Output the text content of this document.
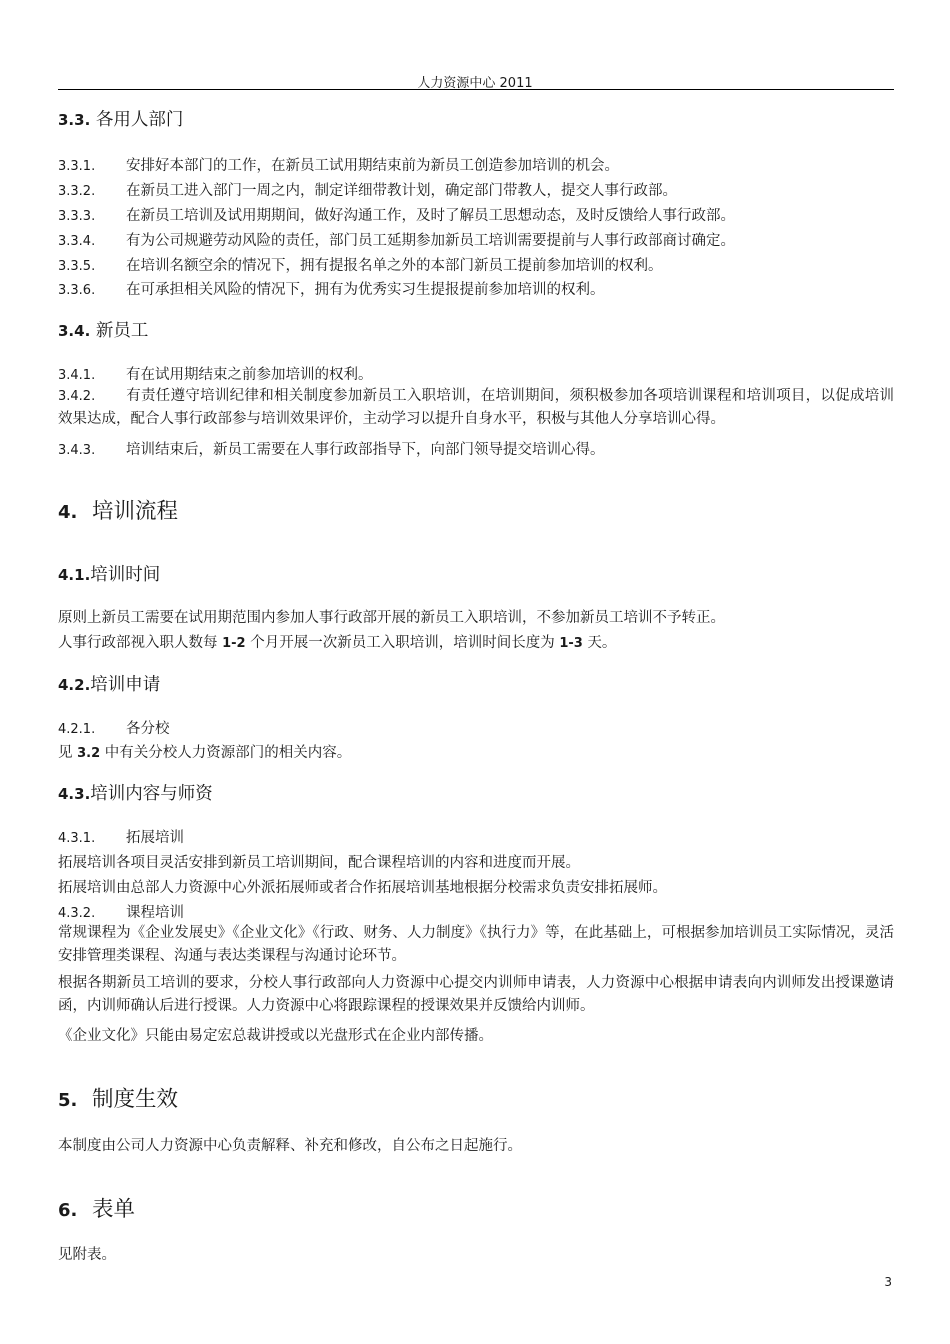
人力资源中心 2011
3.3. 各用人部门
3.3.1. 安排好本部门的工作，在新员工试用期结束前为新员工创造参加培训的机会。
3.3.2. 在新员工进入部门一周之内，制定详细带教计划，确定部门带教人，提交人事行政部。
3.3.3. 在新员工培训及试用期期间，做好沟通工作，及时了解员工思想动态，及时反馈给人事行政部。
3.3.4. 有为公司规避劳动风险的责任，部门员工延期参加新员工培训需要提前与人事行政部商讨确定。
3.3.5. 在培训名额空余的情况下，拥有提报名单之外的本部门新员工提前参加培训的权利。
3.3.6. 在可承担相关风险的情况下，拥有为优秀实习生提报提前参加培训的权利。
3.4. 新员工
3.4.1. 有在试用期结束之前参加培训的权利。
3.4.2. 有责任遵守培训纪律和相关制度参加新员工入职培训，在培训期间，须积极参加各项培训课程和培训项目，以促成培训效果达成，配合人事行政部参与培训效果评价，主动学习以提升自身水平，积极与其他人分享培训心得。
3.4.3. 培训结束后，新员工需要在人事行政部指导下，向部门领导提交培训心得。
4. 培训流程
4.1.培训时间
原则上新员工需要在试用期范围内参加人事行政部开展的新员工入职培训，不参加新员工培训不予转正。
人事行政部视入职人数每 1-2 个月开展一次新员工入职培训，培训时间长度为 1-3 天。
4.2.培训申请
4.2.1. 各分校
见 3.2 中有关分校人力资源部门的相关内容。
4.3.培训内容与师资
4.3.1. 拓展培训
拓展培训各项目灵活安排到新员工培训期间，配合课程培训的内容和进度而开展。
拓展培训由总部人力资源中心外派拓展师或者合作拓展培训基地根据分校需求负责安排拓展师。
4.3.2. 课程培训
常规课程为《企业发展史》《企业文化》《行政、财务、人力制度》《执行力》等，在此基础上，可根据参加培训员工实际情况，灵活安排管理类课程、沟通与表达类课程与沟通讨论环节。
根据各期新员工培训的要求，分校人事行政部向人力资源中心提交内训师申请表，人力资源中心根据申请表向内训师发出授课邀请函，内训师确认后进行授课。人力资源中心将跟踪课程的授课效果并反馈给内训师。
《企业文化》只能由易定宏总裁讲授或以光盘形式在企业内部传播。
5. 制度生效
本制度由公司人力资源中心负责解释、补充和修改，自公布之日起施行。
6. 表单
见附表。
3
